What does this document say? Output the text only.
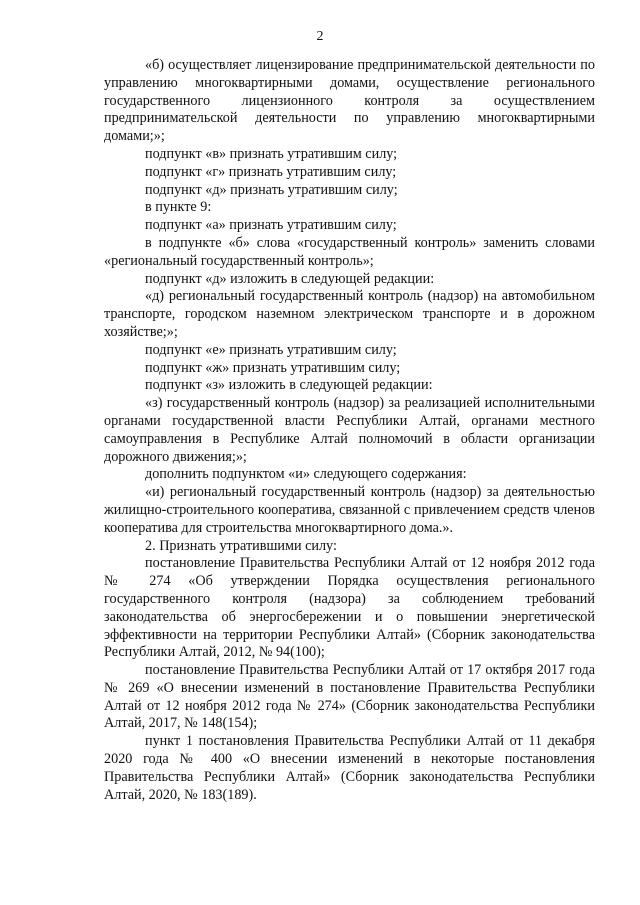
2

«б) осуществляет лицензирование предпринимательской деятельности по управлению многоквартирными домами, осуществление регионального государственного лицензионного контроля за осуществлением предпринимательской деятельности по управлению многоквартирными домами;»;

подпункт «в» признать утратившим силу;

подпункт «г» признать утратившим силу;

подпункт «д» признать утратившим силу;

в пункте 9:

подпункт «а» признать утратившим силу;

в подпункте «б» слова «государственный контроль» заменить словами «региональный государственный контроль»;

подпункт «д» изложить в следующей редакции:

«д) региональный государственный контроль (надзор) на автомобильном транспорте, городском наземном электрическом транспорте и в дорожном хозяйстве;»;

подпункт «е» признать утратившим силу;

подпункт «ж» признать утратившим силу;

подпункт «з» изложить в следующей редакции:

«з) государственный контроль (надзор) за реализацией исполнительными органами государственной власти Республики Алтай, органами местного самоуправления в Республике Алтай полномочий в области организации дорожного движения;»;

дополнить подпунктом «и» следующего содержания:

«и) региональный государственный контроль (надзор) за деятельностью жилищно-строительного кооператива, связанной с привлечением средств членов кооператива для строительства многоквартирного дома.».

2. Признать утратившими силу:

постановление Правительства Республики Алтай от 12 ноября 2012 года № 274 «Об утверждении Порядка осуществления регионального государственного контроля (надзора) за соблюдением требований законодательства об энергосбережении и о повышении энергетической эффективности на территории Республики Алтай» (Сборник законодательства Республики Алтай, 2012, № 94(100);

постановление Правительства Республики Алтай от 17 октября 2017 года № 269 «О внесении изменений в постановление Правительства Республики Алтай от 12 ноября 2012 года № 274» (Сборник законодательства Республики Алтай, 2017, № 148(154);

пункт 1 постановления Правительства Республики Алтай от 11 декабря 2020 года № 400 «О внесении изменений в некоторые постановления Правительства Республики Алтай» (Сборник законодательства Республики Алтай, 2020, № 183(189).
